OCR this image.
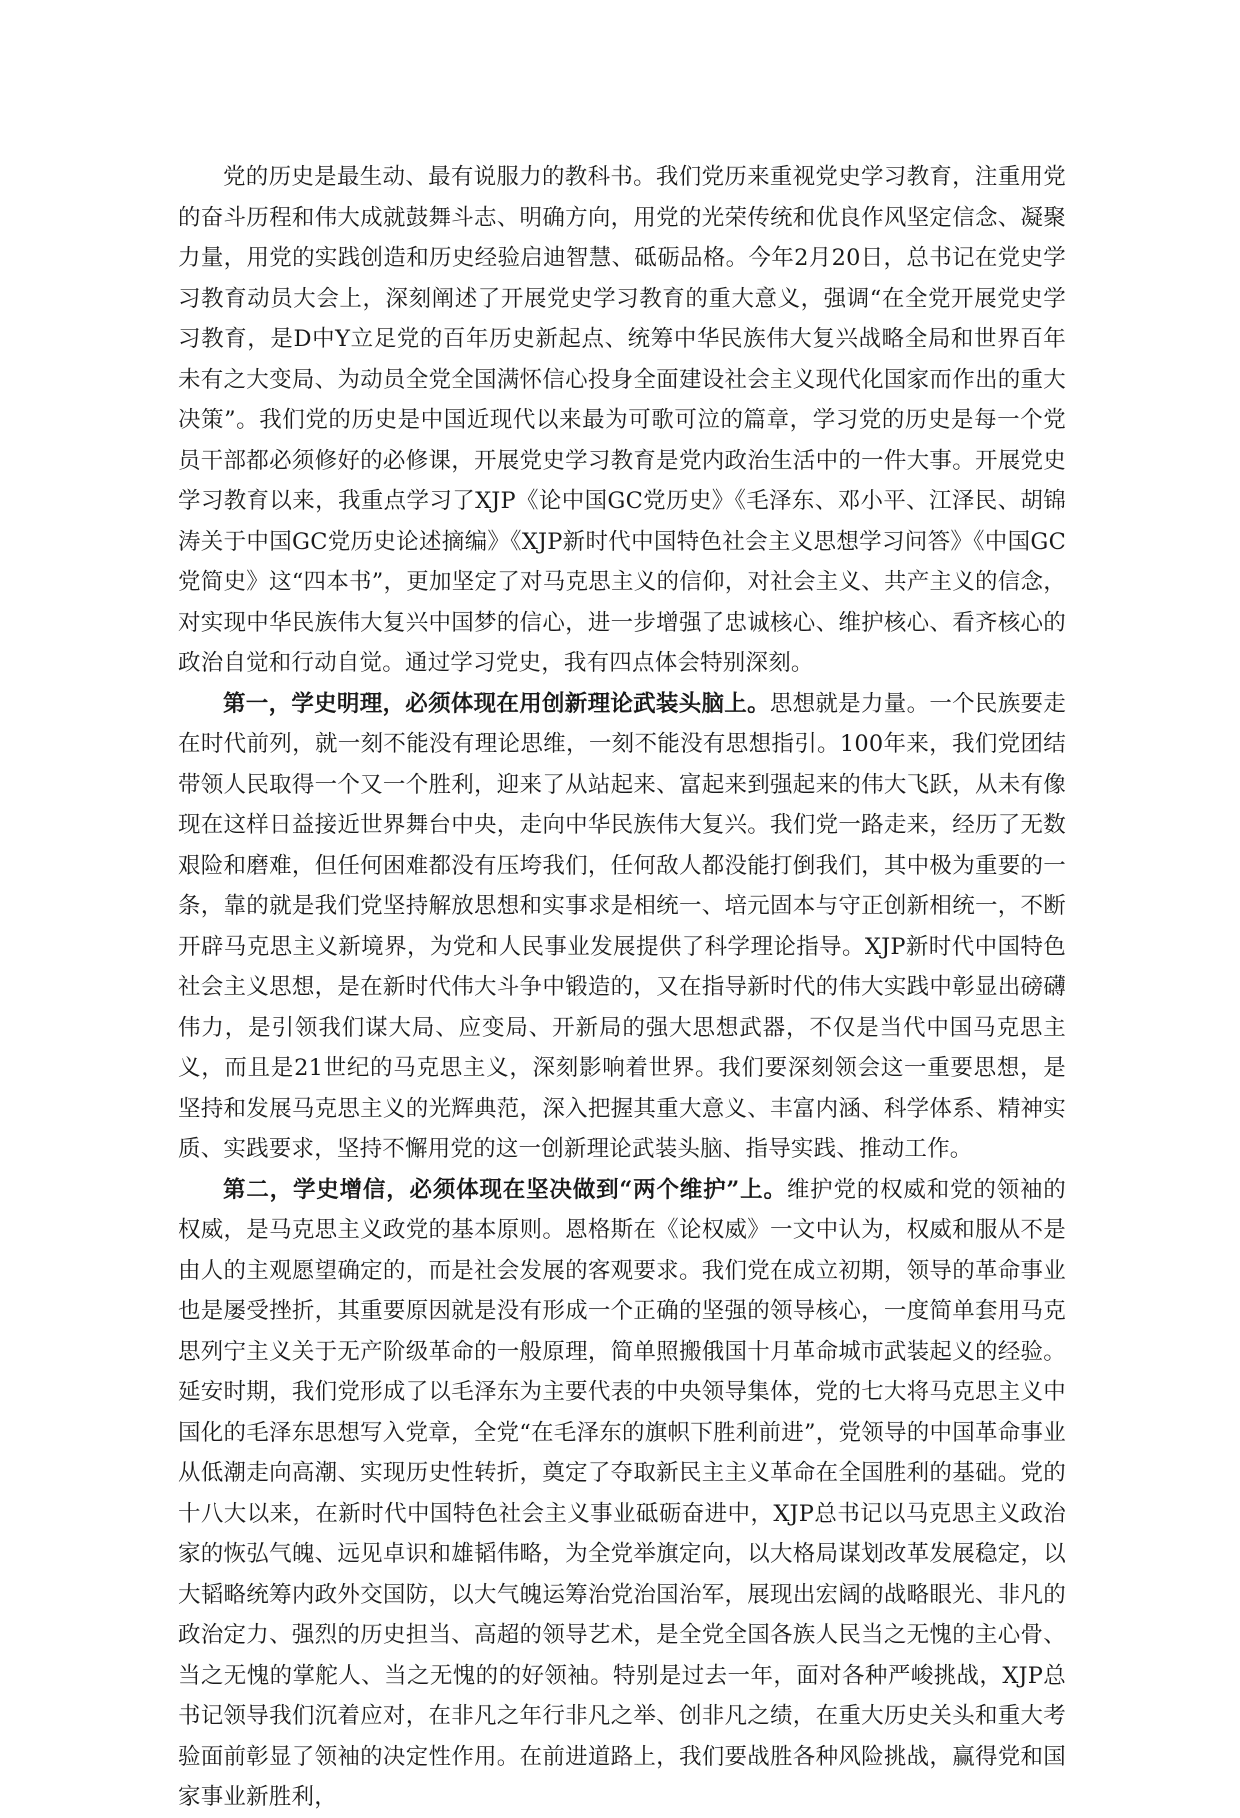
党的历史是最生动、最有说服力的教科书。我们党历来重视党史学习教育，注重用党的奋斗历程和伟大成就鼓舞斗志、明确方向，用党的光荣传统和优良作风坚定信念、凝聚力量，用党的实践创造和历史经验启迪智慧、砥砺品格。今年2月20日，总书记在党史学习教育动员大会上，深刻阐述了开展党史学习教育的重大意义，强调“在全党开展党史学习教育，是D中Y立足党的百年历史新起点、统筹中华民族伟大复兴战略全局和世界百年未有之大变局、为动员全党全国满怀信心投身全面建设社会主义现代化国家而作出的重大决策”。我们党的历史是中国近现代以来最为可歌可泣的篇章，学习党的历史是每一个党员干部都必须修好的必修课，开展党史学习教育是党内政治生活中的一件大事。开展党史学习教育以来，我重点学习了XJP《论中国GC党历史》《毛泽东、邓小平、江泽民、胡锦涛关于中国GC党历史论述摘编》《XJP新时代中国特色社会主义思想学习问答》《中国GC党简史》这“四本书”，更加坚定了对马克思主义的信仰，对社会主义、共产主义的信念，对实现中华民族伟大复兴中国梦的信心，进一步增强了忠诚核心、维护核心、看齐核心的政治自觉和行动自觉。通过学习党史，我有四点体会特别深刻。

第一，学史明理，必须体现在用创新理论武装头脑上。思想就是力量。一个民族要走在时代前列，就一刻不能没有理论思维，一刻不能没有思想指引。100年来，我们党团结带领人民取得一个又一个胜利，迎来了从站起来、富起来到强起来的伟大飞跃，从未有像现在这样日益接近世界舞台中央，走向中华民族伟大复兴。我们党一路走来，经历了无数艰险和磨难，但任何困难都没有压垮我们，任何敌人都没能打倒我们，其中极为重要的一条，靠的就是我们党坚持解放思想和实事求是相统一、培元固本与守正创新相统一，不断开辟马克思主义新境界，为党和人民事业发展提供了科学理论指导。XJP新时代中国特色社会主义思想，是在新时代伟大斗争中锻造的，又在指导新时代的伟大实践中彰显出磅礴伟力，是引领我们谋大局、应变局、开新局的强大思想武器，不仅是当代中国马克思主义，而且是21世纪的马克思主义，深刻影响着世界。我们要深刻领会这一重要思想，是坚持和发展马克思主义的光辉典范，深入把握其重大意义、丰富内涵、科学体系、精神实质、实践要求，坚持不懈用党的这一创新理论武装头脑、指导实践、推动工作。

第二，学史增信，必须体现在坚决做到“两个维护”上。维护党的权威和党的领袖的权威，是马克思主义政党的基本原则。恩格斯在《论权威》一文中认为，权威和服从不是由人的主观愿望确定的，而是社会发展的客观要求。我们党在成立初期，领导的革命事业也是屡受挫折，其重要原因就是没有形成一个正确的坚强的领导核心，一度简单套用马克思列宁主义关于无产阶级革命的一般原理，简单照搬俄国十月革命城市武装起义的经验。延安时期，我们党形成了以毛泽东为主要代表的中央领导集体，党的七大将马克思主义中国化的毛泽东思想写入党章，全党“在毛泽东的旗帜下胜利前进”，党领导的中国革命事业从低潮走向高潮、实现历史性转折，奠定了夺取新民主主义革命在全国胜利的基础。党的十八大以来，在新时代中国特色社会主义事业砥砺奋进中，XJP总书记以马克思主义政治家的恢弘气魄、远见卓识和雄韬伟略，为全党举旗定向，以大格局谋划改革发展稳定，以大韬略统筹内政外交国防，以大气魄运筹治党治国治军，展现出宏阔的战略眼光、非凡的政治定力、强烈的历史担当、高超的领导艺术，是全党全国各族人民当之无愧的主心骨、当之无愧的掌舵人、当之无愧的的好领袖。特别是过去一年，面对各种严峻挑战，XJP总书记领导我们沉着应对，在非凡之年行非凡之举、创非凡之绩，在重大历史关头和重大考验面前彰显了领袖的决定性作用。在前进道路上，我们要战胜各种风险挑战，赢得党和国家事业新胜利，
